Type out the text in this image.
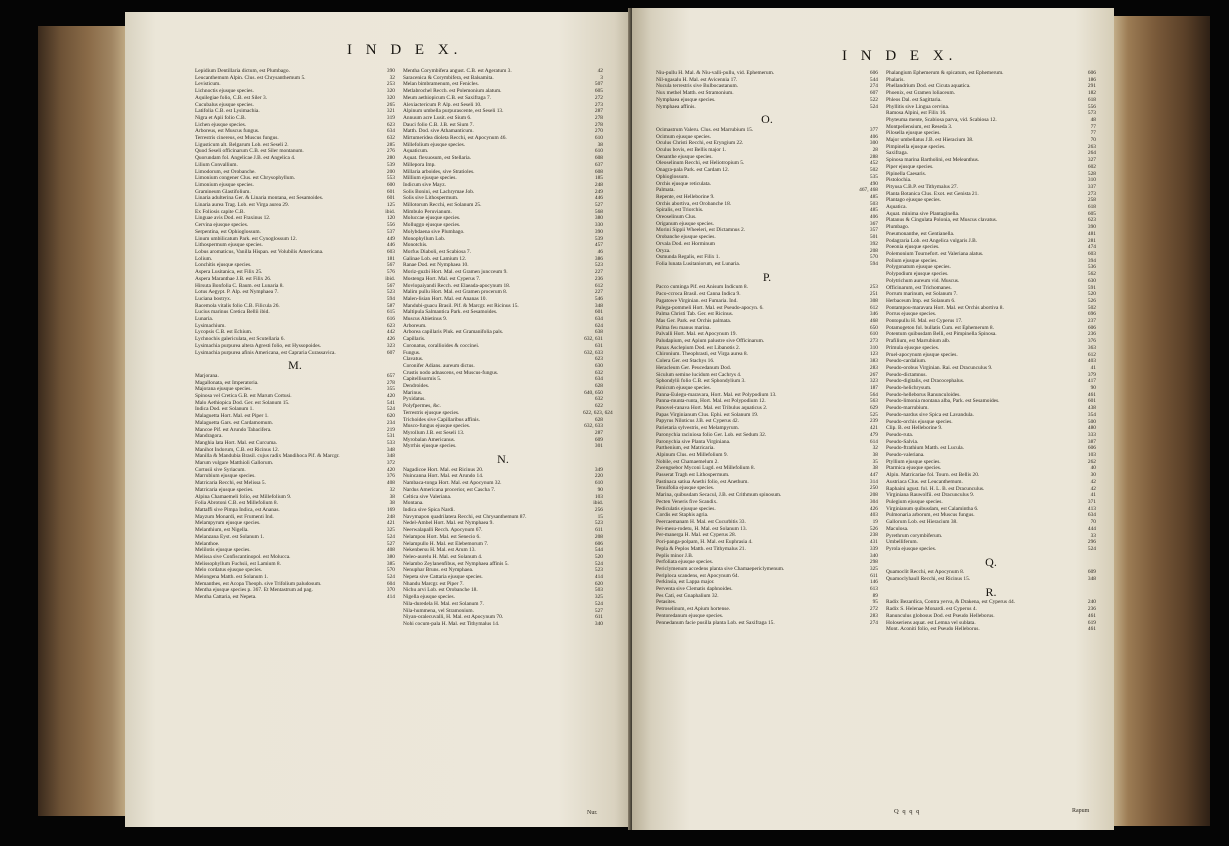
I N D E X.
Lepidium Dentillaria dictum, est Plumbago.	390
Leucanthemum Alpin. Clus. est Chrysanthemum 5.	32
Levisticum.	253
Lichnoctis ejusque species.	320
Aquilegiae folio, C.B. est Siler 3.	320
Cucubalus ejusque species.	265
Latifolia C.B. est Lysimachia.	321
Nigra et Apii folio C.B.	319
Lichen ejusque species.	623
Arboreus, est Muscus fungus.	634
Terrestris cinereus, est Muscus fungus.	632
Ligusticum alt. Belgarum Lob. est Seseli 2.	285
Quod Seseli officinarum C.B. est Siler montanum.	276
Quorundam fol. Angelicae J.B. est Angelica 4.	280
Lilium Convallium.	539
Limodorum, est Orobanche.	200
Limonium congener Clus. est Chrysophyllum.	553
Limonium ejusque species.	600
Gramineum Glastifolium.	601
Linaria adulterina Ger. & Linaria montana, est Sesamoides.	601
Linaria aurea Trag. Lob. est Virga aurea 29.	125
Ex Foliosis capite C.B.	ibid.
Linguae avis Dod. est Fraxinus 12.	120
Cervina ejusque species.	556
Serpentina, est Ophioglossum.	537
Linum umbilicatum Park. est Cynoglossum 12.	449
Lithospermum ejusque species.	446
Lobus aromaticus, Vanilla Hispan. est Volubilis Americana.	603
Lolium.	181
Lonchitis ejusque species.	567
Aspera Lusitanica, est Filix 25.	576
Aspera Maranthae J.B. est Filix 26.	ibid.
Hirsuta Bonfolia C. Baum. est Lunaria 8.	567
Lotus Aegypt. P. Alp. est Nymphaea 7.	523
Luciana bostryx.	594
Racemola vitalis folio C.B. Filicula 26.	587
Lucius marinus Cretica Bellii ibid.	615
Lunaria.	616
Lysimachium.	623
Lycopsis C.B. est Echium.	442
Lychnochis galericulata, est Scutellaria 6.	426
Lysimachia purpurea altera Agresti folio, est Hyssopoides.	323
Lysimachia purpurea afinis Americana, est Capraria Curassavica.	607
M.
Marjorana.	657
Magallonata, est Imperatoria.	278
Majorana ejusque species.	355
Spinosa vel Cretica G.B. est Marum Cortusi.	420
Malo Aethiopica Dod. Ger. est Solanum 15.	541
Indica Dod. est Solanum 1.	524
Malaguetta Hort. Mal. est Piper 1.	620
Malaguetta Gars. est Cardamomum.	234
Mancoe Pif. est Arundo Tabacifera.	219
Mandragora.	531
Manghia lata Hort. Mal. est Curcuma.	533
Manihot Indorum, C.B. est Ricinus 12.	348
Manilla & Mandubia Brasil. cujus radix Mandihoca Pif. & Marcgr.	348
Marum vulgare Matthioli Gallorum.	372
Cortusii sive Syriacum.	420
Marrubium ejusque species.	376
Matricaria Recchi, est Melissa 5.	408
Matricaria ejusque species.	32
Alpina Chamaemeli folio, est Millefolium 9.	38
Folia Abrotoni C.B. est Millefolium 8.	38
Mattaffi sive Pimpa Indica, est Ananas.	169
Mayzum Monardi, est Frumenti Ind.	248
Melampyrum ejusque species.	421
Melanthium, est Nigella.	325
Melanzana Eyst. est Solanum 1.	524
Melanthoe.	527
Melilotis ejusque species.	408
Melissa sive Confiscantinopol. est Molucca.	380
Melissophyllum Fuchsii, est Lamium 8.	385
Melo cordatus ejusque species.	570
Melongena Matth. est Solanum 1.	524
Memanthes, est Acopa Theoph. sive Trifolium paludosum.	604
Mentha ejusque species p. 367. Et Mentastrum ad pag.	370
Mentha Cattaria, est Nepeta.	414
Mentha Corymbifera angust. C.B. est Ageratum 3.	42
Saracenica & Corymbifera, est Balsamita.	3
Melan bimbramenum, est Fenicles.	507
Metlabrochel Recch. est Polemonium alatum.	605
Meum aethiopicum C.B. est Saxifraga 7.	272
Alexiactericum P. Alp. est Seseli 10.	273
Alpinum umbella purpurascente, est Seseli 13.	287
Annuum acre Lusit. est Sium 6.	278
Dauci folio C.B. J.B. est Sium 7.	278
Matth. Dod. sive Athamanticum.	270
Mirtumeridea dioleta Recchi, est Apocynum 46.	610
Millefolium ejusque species.	38
Aquaticum.	610
Aquat. flexuosum, est Stellaria.	608
Millepora Imp.	637
Millaria arboides, sive Stratioles.	608
Millium ejusque species.	185
Indicum sive Mayz.	248
Solis Bonini, est Lachrymae Job.	249
Solis sive Lithospermum.	446
Millotorum Recchi, est Solanum 25.	527
Mimbulo Peruvianum.	568
Moluccae ejusque species.	380
Molluggo ejusque species.	330
Molybdaena sive Plumbago.	390
Monophyllum Lob.	539
Monotchis.	457
Morfus Diaboli, est Scabiosa 7.	46
Galinae Lob. est Lamium 12.	386
Ranae Dod. est Nymphaea 10.	523
Moriz-guzbi Hort. Mal. est Gramen juncceum 9.	227
Mostenga Hort. Mal. est Cyperus 7.	236
Movlopaiyandi Recch. est Elaeada-apocynum 18.	612
Malim pullu Hort. Mal. est Gramen procerum 8.	227
Malen-lisian Hort. Mal. est Ananas 10.	546
Mandubi-guacu Brasil. Pif. & Marcgr. est Ricinus 15.	348
Maltipula Salmantica Park. est Sesamoides.	601
Muscus Abietinus 9.	634
Arboreum.	624
Arborea capillaris Pluk. est Gramanifolia pals.	638
Capillaris.	632, 631
Coronatus, corallioides & coccinei.	631
Fungus.	632, 633
Clavatus.	623
Coronifer Adians. aureum dictus.	630
Crustis nodo adnascens, est Muscus-fungus.	632
Capitellisormis 5.	634
Dendroides.	628
Marinus.	640, 650
Pyxidatus.	632
Polyfpermes, &c.	622
Terrestris ejusque species.	622, 623, 624
Trichoides sive Capillaribus affinis.	628
Musco-fungus ejusque species.	632, 633
Myrollum J.B. est Seseli 13.	287
Myrobalan Americanus.	609
Myrrhis ejusque species.	301
N.
Nagadicoe Hort. Mal. est Ricinus 20.	349
Nuincanna Hort. Mal. est Arundo 14.	220
Nambaca-tonga Hort. Mal. est Apocynum 32.	610
Nardus Americana procerior, est Cascha 7.	90
Celtica sive Valeriana.	103
Montana.	ibid.
Indica sive Spica Nardi.	256
Navymapon quadrilatera Recchi, est Chrysanthemum 87.	15
Nedel-Ambel Hort. Mal. est Nymphaea 9.	523
Neerwalapalli Recch. Apocynum 67.	611
Nelampou Hort. Mal. est Senecio 6.	208
Nelampullo H. Mal. est Elebemorum 7.	606
Nekenbersu H. Mal. est Arum 13.	544
Neleo-aurelu H. Mal. est Solanum 4.	520
Nelambo Zeylanenfibus, est Nymphaea affinis 5.	524
Nenuphar Bruns. est Nymphaea.	523
Nepeta sive Cattaria ejusque species.	414
Nhandu Marcgr. est Piper 7.	620
Nichu arvi Lob. est Orobanche 18.	503
Nigella ejusque species.	325
Nila-duredela H. Mal. est Solanum 7.	524
Nila-hummena, vel Stramonium.	527
Niyan-oralecuvalli, H. Mal. est Apocynum 70.	611
Nohi cocum-pala H. Mal. est Tithymalus 14.	340
Nur.
I N D E X.
Niu-pullu H. Mal. & Niu-valli-pullu, vid. Ephemerum.	606
Nil-ngasalu H. Mal. est Avicennia 17.	544
Nucula terrestris sive Bulbocastanum.	274
Nux methel Matth. est Stramonium.	607
Nymphaea ejusque species.	522
Nymphaea affinis.	524
O.
Ocimastrum Valeru. Clus. est Marrubium 15.	377
Ocimum ejusque species.	406
Oculus Christi Recchi, est Eryngium 22.	300
Oculus bovis, est Bellis major 1.	28
Oenanthe ejusque species.	288
Oleoselinum Recchi, est Heliotropium 5.	452
Onagra-pala Park. est Cardam 12.	502
Ophioglossum.	535
Orchis ejusque reticulata.	490
Palmata.	467, 468
Repente, est Helleborine 9.	485
Orchis abortiva, est Orobanche 18.	503
Spiralis, est Triorchis.	485
Oreoselinum Clus.	406
Origanum ejusque species.	367
Morini Sippii Wheeleri, est Dictamnus 2.	357
Orobanche ejusque species.	501
Orvala Dod. est Horminum	392
Oryza.	208
Osmunda Regalis, est Filix 1.	570
Folia lunata Lusitaniorum, est Lunaria.	594
P.
Pacco cuminga Pif. est Anisum Indicum 8.	253
Paco-ccroca Brasil. est Canna Indica 9.	251
Pagatowe Virginian. est Fumaria. Ind.	308
Palega-pommeli Hort. Mal. est Pseudo-apocyn. 6.	612
Palma Christi Tab. Ger. est Ricinus.	346
Mas Ger. Park. est Orchis palmata.	468
Palma feu manus marina.	650
Palvalli Hort. Mal. est Apocynum 19.	610
Paludapium, est Apium palustre sive Officinarum.	273
Panax Asclepium Dod. est Libanotis 2.	310
Chironium. Theophrasti, est Virga aurea 8.	123
Colera Ger. est Stachys 16.	383
Heracleum Ger. Peucedanum Dod.	283
Siculum semine lucidum est Cachrys 4.	267
Sphondylii folio C.B. est Sphondylium 3.	323
Panicum ejusque species.	187
Panna-Eulegu-maravara, Hort. Mal. est Polypodium 13.	564
Panna-munta-runta, Hort. Mal. est Polypodium 12.	563
Panovel-ranava Hort. Mal. est Tribulus aquaticus 2.	629
Papas Virginianum Clus. Ephi. est Solanum 19.	525
Papyrus Niloticus J.B. est Cyperus 42.	239
Parietaria sylvestris, est Melampyrum.	421
Paronychia raciniosa folio Ger. Lob. est Sedum 32.	479
Paronychia sive Planta Virginiana.	614
Parthenium, est Matricaria.	32
Alpinum Clus. est Millefolium 9.	38
Nobile, est Chamaemelum 2.	35
Zwengsebor Myconi Lugd. est Millefolium 8.	38
Passerat Tragh est Lithospermum.	447
Pastinaca satiua Anethi folio, est Anethum.	314
Tenuifolia ejusque species.	250
Marina, quibusdam Secacul, J.B. est Crithmum spinosum.	208
Pecten Veneris five Scandix.	304
Pediculatis ejusque species.	426
Cordis est Staphis agria.	403
Peercaemanam H. Mal. est Cucurbitis 33.	19
Pei-mesu-rodetu, H. Mal. est Solanum 13.	526
Per-manerga H. Mal. est Cyperus 28.	238
Pori-panga-polpam, H. Mal. est Euphrasia 4.	431
Pepla & Peplos Matth. est Tithymalus 21.	339
Peplis minor J.B.	340
Perfoliata ejusque species.	298
Periclymenum accedens planta sive Chamaepericlymenum.	325
Periploca scandens, est Apocynum 64.	611
Perkinsia, est Lappa major.	146
Perventa sive Clematis daphnoides.	613
Pes Cati, est Gnaphalium 32.	89
Petasites.	95
Petroselinum, est Apium hortense.	272
Pentoredanum ejusque species.	283
Pennedanum facie pusilla planta Lob. est Saxifraga 15.	274
Phalangium Ephemerum & spicatum, est Ephemerum.	606
Phalaris.	186
Phellandrium Dod. est Cicuta aquatica.	291
Phoenix, est Gramen loliaceum.	182
Phleos Dal. est Sagittaria.	618
Phyllitis sive Lingua cervina.	556
Ramosa Alpini, est Filix 16.	573
Phyteuma mente, Scabiosa parva, vid. Scabiosa 12.	48
Montpeliensium, est Reseda 3.	77
Pilosella ejusque species.	77
Major umbellatus J.B. est Hieracium 38.	70
Pimpinella ejusque species.	263
Saxifraga.	264
Spinosa marina Bartholini, est Meleanthus.	327
Piper ejusque species.	602
Pipinella Caesaris.	528
Pistolochia.	310
Pityusa C.B.P. est Tithymalus 27.	337
Planta Botanica Clus. Exot. est Genista 21.	273
Plantago ejusque species.	258
Aquatica.	618
Aquat. minima sive Plantaginella.	605
Platanus & Cingulata Polonia, est Muscus clavatus.	623
Plumbago.	390
Pneumonanthe, est Gentianella.	481
Podagraria Lob. est Angelica vulgaris J.B.	281
Poeonia ejusque species.	474
Polemonium Tournefort. est Valeriana alatus.	603
Polium ejusque species.	394
Polygonatum ejusque species.	536
Polypodium ejusque species.	562
Polytrichum aureum vid. Muscus.	630
Officinarum, est Trichomanes.	591
Porrum marinum, est Solanum 7.	520
Herbaceum Imp. est Solanum 6.	526
Pontampou-maravara Hort. Mal. est Orchis abortiva 8.	502
Porrus ejusque species.	696
Pontopullu H. Mal. est Cyperus 17.	237
Potamogeton fol. bullatis Cum. est Ephemerum 8.	606
Potentum quibusdam Belli, est Pimpinella Spinosa.	236
Prafilium, est Marrubium alb.	376
Primula ejusque species.	363
Pruel-apocynum ejusque species.	612
Pseudo-cardalium.	403
Pseudo-orobus Virginian. Rai. est Dracunculus 9.	41
Pseudo-dictamnus.	379
Pseudo-digitalis, est Dracocephalus.	417
Pseudo-helichrysum.	90
Pseudo-helleborus Ranunculoides.	461
Pseudo-limonia montana alba, Park. est Sesamoides.	601
Pseudo-marrubium.	438
Pseudo-nardus sive Spica est Lavandula.	354
Pseudo-orchis ejusque species.	500
Clip. B. est Helleborine 9.	480
Pseudo-ruta.	333
Pseudo-Salvia.	387
Pseudo-ftrathium Matth. est Lucula.	606
Pseudo-valeriana.	103
Ptyllium ejusque species.	262
Ptarmica ejusque species.	40
Alpin. Matricariae fol. Tourn. est Bellis 20.	30
Austriaca Clus. est Leucanthemum.	42
Raphaini agust. fol. H. L. B. est Dracunculus.	42
Virginiana Rauwolfii. est Dracunculus 9.	41
Pulegium ejusque species.	371
Virginianum quibusdam, est Calamintha 6.	413
Pulmonaria arborum, est Muscus fungus.	634
Gallorum Lob. est Hieracium 38.	70
Maculosa.	444
Pyrethrum corymbiferum.	33
Umbelliferum.	296
Pyrola ejusque species.	524
Q.
Quamoclit Recchi, est Apocynum 8.	609
Quamoclyhaull Recchi, est Ricinus 15.	348
R.
Radix Bezardica, Contra yerva, & Drakena, est Cyperus 44.	240
Radix S. Helenae Monardi. est Cyperus 4.	236
Ranunculus globosus Dod. est Pseudo Helleborus.	461
Holoseriens aquat. est Lemna vel sublata.	619
Mont. Aconiti folio, est Pseudo Helleborus.	461
Q q q q	Rapum
